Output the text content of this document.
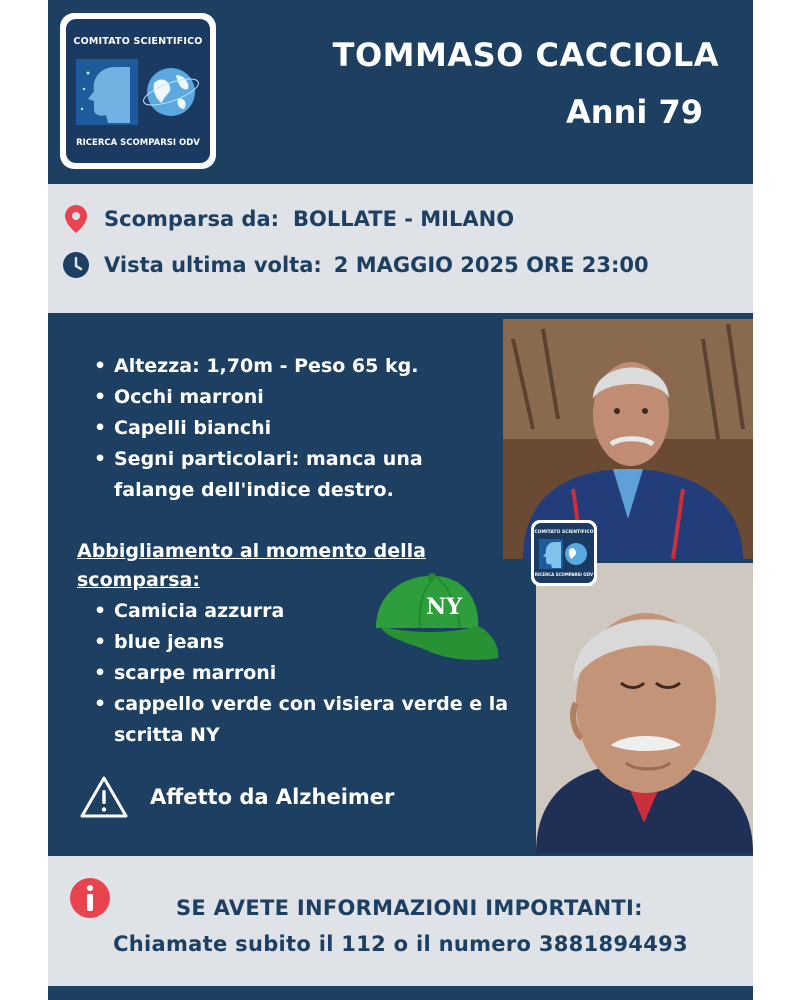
COMITATO SCIENTIFICO
RICERCA SCOMPARSI ODV
TOMMASO CACCIOLA
Anni 79
Scomparsa da: BOLLATE - MILANO
Vista ultima volta: 2 MAGGIO 2025 ORE 23:00
• Altezza: 1,70m - Peso 65 kg.
• Occhi marroni
• Capelli bianchi
• Segni particolari: manca una falange dell'indice destro.
Abbigliamento al momento della scomparsa:
• Camicia azzurra
• blue jeans
• scarpe marroni
• cappello verde con visiera verde e la scritta NY
NY
Affetto da Alzheimer
COMITATO SCIENTIFICO
RICERCA SCOMPARSI ODV
SE AVETE INFORMAZIONI IMPORTANTI:
Chiamate subito il 112 o il numero 3881894493
